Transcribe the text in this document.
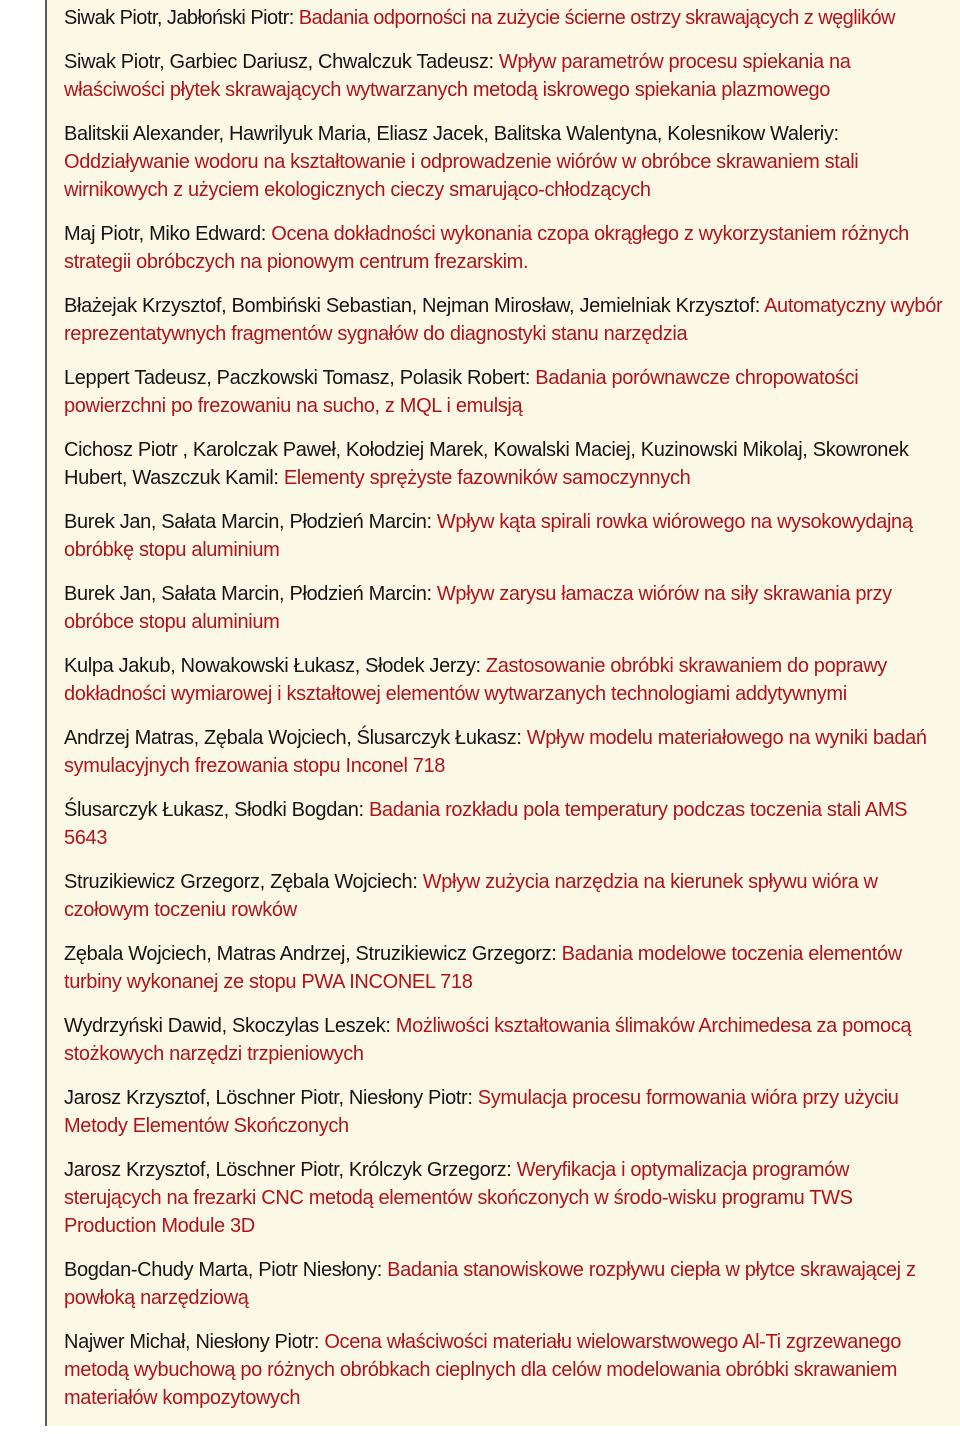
Siwak Piotr, Jabłoński Piotr: Badania odporności na zużycie ścierne ostrzy skrawających z węglików
Siwak Piotr, Garbiec Dariusz, Chwalczuk Tadeusz: Wpływ parametrów procesu spiekania na właściwości płytek skrawających wytwarzanych metodą iskrowego spiekania plazmowego
Balitskii Alexander, Hawrilyuk Maria, Eliasz Jacek, Balitska Walentyna, Kolesnikow Waleriy: Oddziaływanie wodoru na kształtowanie i odprowadzenie wiórów w obróbce skrawaniem stali wirnikowych z użyciem ekologicznych cieczy smarująco-chłodzących
Maj Piotr, Miko Edward: Ocena dokładności wykonania czopa okrągłego z wykorzystaniem różnych strategii obróbczych na pionowym centrum frezarskim.
Błażejak Krzysztof, Bombiński Sebastian, Nejman Mirosław, Jemielniak Krzysztof: Automatyczny wybór reprezentatywnych fragmentów sygnałów do diagnostyki stanu narzędzia
Leppert Tadeusz, Paczkowski Tomasz, Polasik Robert: Badania porównawcze chropowatości powierzchni po frezowaniu na sucho, z MQL i emulsją
Cichosz Piotr , Karolczak Paweł, Kołodziej Marek, Kowalski Maciej, Kuzinowski Mikolaj, Skowronek Hubert, Waszczuk Kamil: Elementy sprężyste fazowników samoczynnych
Burek Jan, Sałata Marcin, Płodzień Marcin: Wpływ kąta spirali rowka wiórowego na wysokowydajną obróbkę stopu aluminium
Burek Jan, Sałata Marcin, Płodzień Marcin: Wpływ zarysu łamacza wiórów na siły skrawania przy obróbce stopu aluminium
Kulpa Jakub, Nowakowski Łukasz, Słodek Jerzy: Zastosowanie obróbki skrawaniem do poprawy dokładności wymiarowej i kształtowej elementów wytwarzanych technologiami addytywnymi
Andrzej Matras, Zębala Wojciech, Ślusarczyk Łukasz: Wpływ modelu materiałowego na wyniki badań symulacyjnych frezowania stopu Inconel 718
Ślusarczyk Łukasz, Słodki Bogdan: Badania rozkładu pola temperatury podczas toczenia stali AMS 5643
Struzikiewicz Grzegorz, Zębala Wojciech: Wpływ zużycia narzędzia na kierunek spływu wióra w czołowym toczeniu rowków
Zębala Wojciech, Matras Andrzej, Struzikiewicz Grzegorz: Badania modelowe toczenia elementów turbiny wykonanej ze stopu PWA INCONEL 718
Wydrzyński Dawid, Skoczylas Leszek: Możliwości kształtowania ślimaków Archimedesa za pomocą stożkowych narzędzi trzpieniowych
Jarosz Krzysztof, Löschner Piotr, Niesłony Piotr: Symulacja procesu formowania wióra przy użyciu Metody Elementów Skończonych
Jarosz Krzysztof, Löschner Piotr, Królczyk Grzegorz: Weryfikacja i optymalizacja programów sterujących na frezarki CNC metodą elementów skończonych w środo-wisku programu TWS Production Module 3D
Bogdan-Chudy Marta, Piotr Niesłony: Badania stanowiskowe rozpływu ciepła w płytce skrawającej z powłoką narzędziową
Najwer Michał, Niesłony Piotr: Ocena właściwości materiału wielowarstwowego Al-Ti zgrzewanego metodą wybuchową po różnych obróbkach cieplnych dla celów modelowania obróbki skrawaniem materiałów kompozytowych
